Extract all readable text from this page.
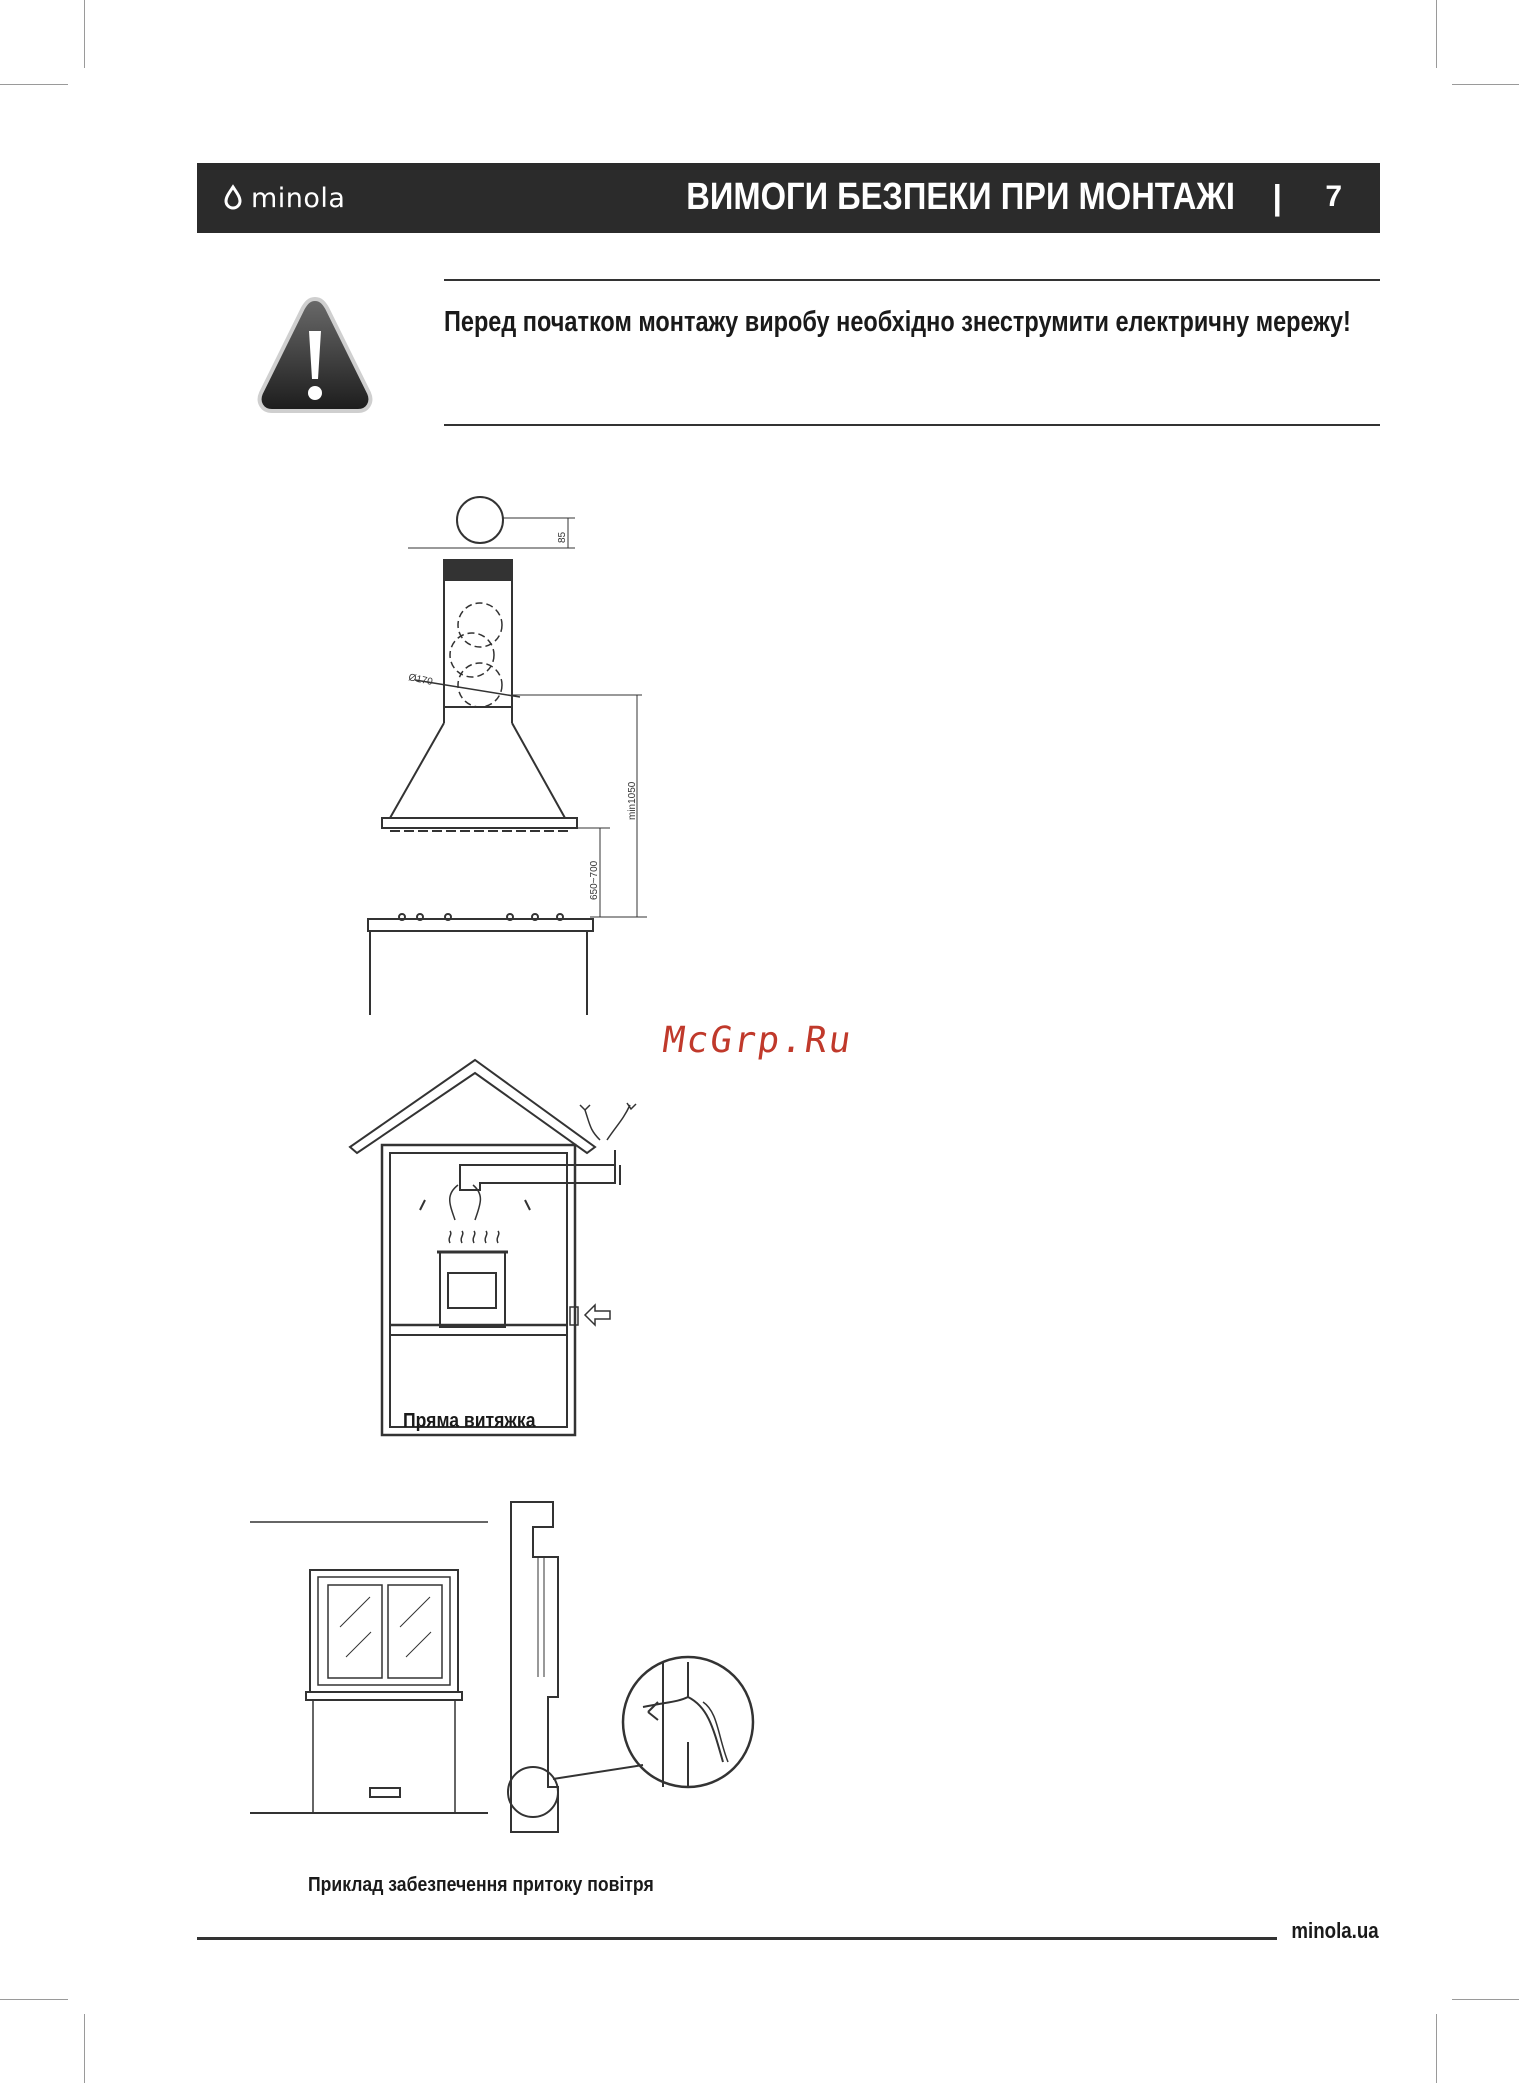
minola	ВИМОГИ БЕЗПЕКИ ПРИ МОНТАЖІ | 7
Перед початком монтажу виробу необхідно знеструмити електричну мережу!
85
Ø170
min1050
650~700
McGrp.Ru
Пряма витяжка
Приклад забезпечення притоку повітря
minola.ua
